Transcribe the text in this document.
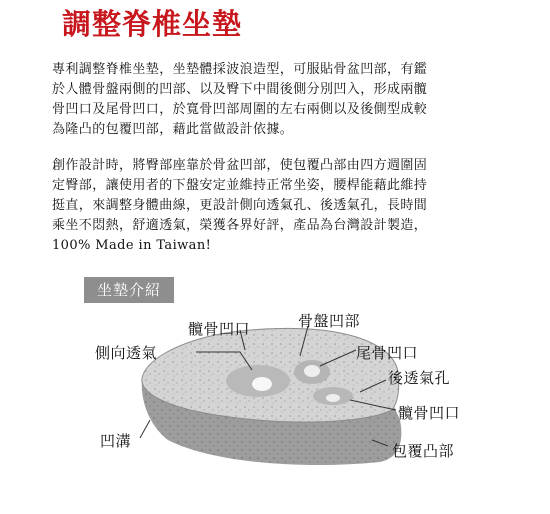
調整脊椎坐墊
專利調整脊椎坐墊，坐墊體採波浪造型，可服貼骨盆凹部，有鑑
於人體骨盤兩側的凹部、以及臀下中間後側分別凹入，形成兩髖
骨凹口及尾骨凹口，於寬骨凹部周圍的左右兩側以及後側型成較
為隆凸的包覆凹部，藉此當做設計依據。
創作設計時，將臀部座靠於骨盆凹部，使包覆凸部由四方週圍固
定臀部，讓使用者的下盤安定並維持正常坐姿，腰桿能藉此維持
挺直，來調整身體曲線，更設計側向透氣孔、後透氣孔，長時間
乘坐不悶熱，舒適透氣，榮獲各界好評，產品為台灣設計製造，
100% Made in Taiwan!
坐墊介紹
髖骨凹口	骨盤凹部
側向透氣	尾骨凹口
後透氣孔
髖骨凹口
凹溝
包覆凸部
